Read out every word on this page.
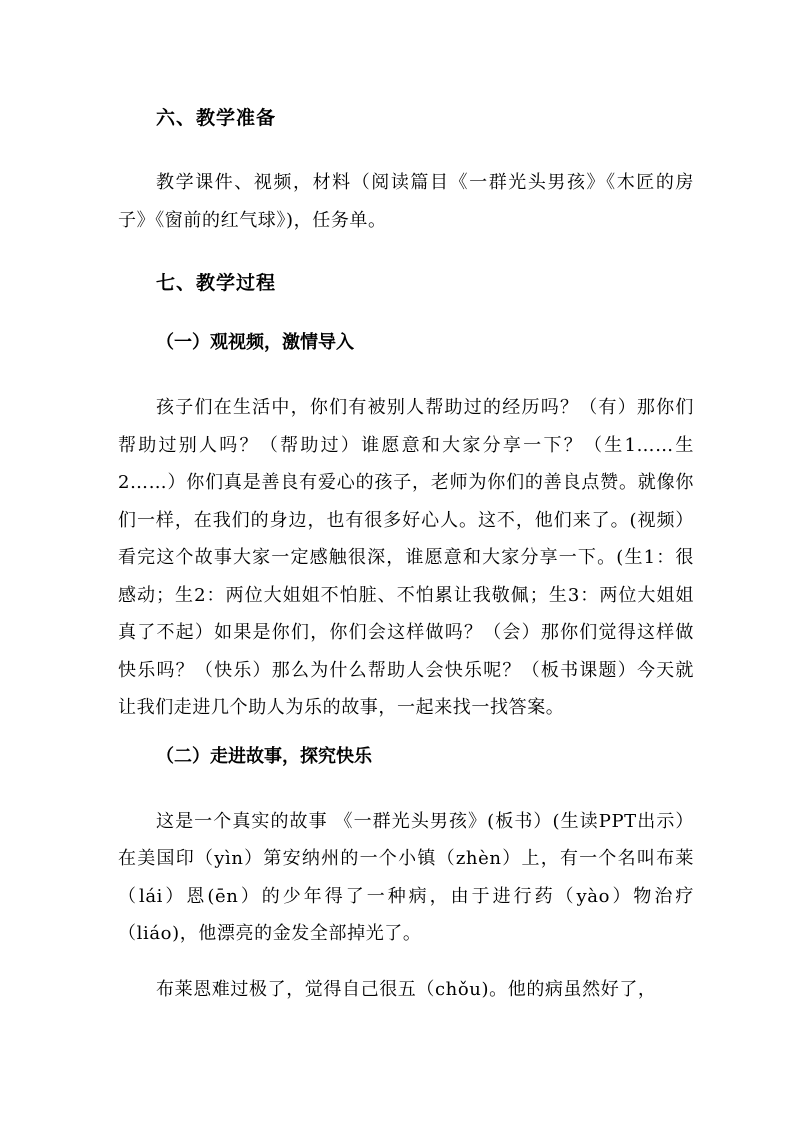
六、教学准备

教学课件、视频，材料（阅读篇目《一群光头男孩》《木匠的房子》《窗前的红气球》)，任务单。

七、教学过程
（一）观视频，激情导入

孩子们在生活中，你们有被别人帮助过的经历吗？（有）那你们帮助过别人吗？（帮助过）谁愿意和大家分享一下？（生1……生2……）你们真是善良有爱心的孩子，老师为你们的善良点赞。就像你们一样，在我们的身边，也有很多好心人。这不，他们来了。(视频）看完这个故事大家一定感触很深，谁愿意和大家分享一下。(生1：很感动；生2：两位大姐姐不怕脏、不怕累让我敬佩；生3：两位大姐姐真了不起）如果是你们，你们会这样做吗？（会）那你们觉得这样做快乐吗？（快乐）那么为什么帮助人会快乐呢？（板书课题）今天就让我们走进几个助人为乐的故事，一起来找一找答案。

（二）走进故事，探究快乐

这是一个真实的故事 《一群光头男孩》(板书）(生读PPT出示）在美国印（yìn）第安纳州的一个小镇（zhèn）上，有一个名叫布莱（lái）恩(ēn）的少年得了一种病，由于进行药（yào）物治疗（liáo)，他漂亮的金发全部掉光了。

布莱恩难过极了，觉得自己很五（chǒu)。他的病虽然好了，
